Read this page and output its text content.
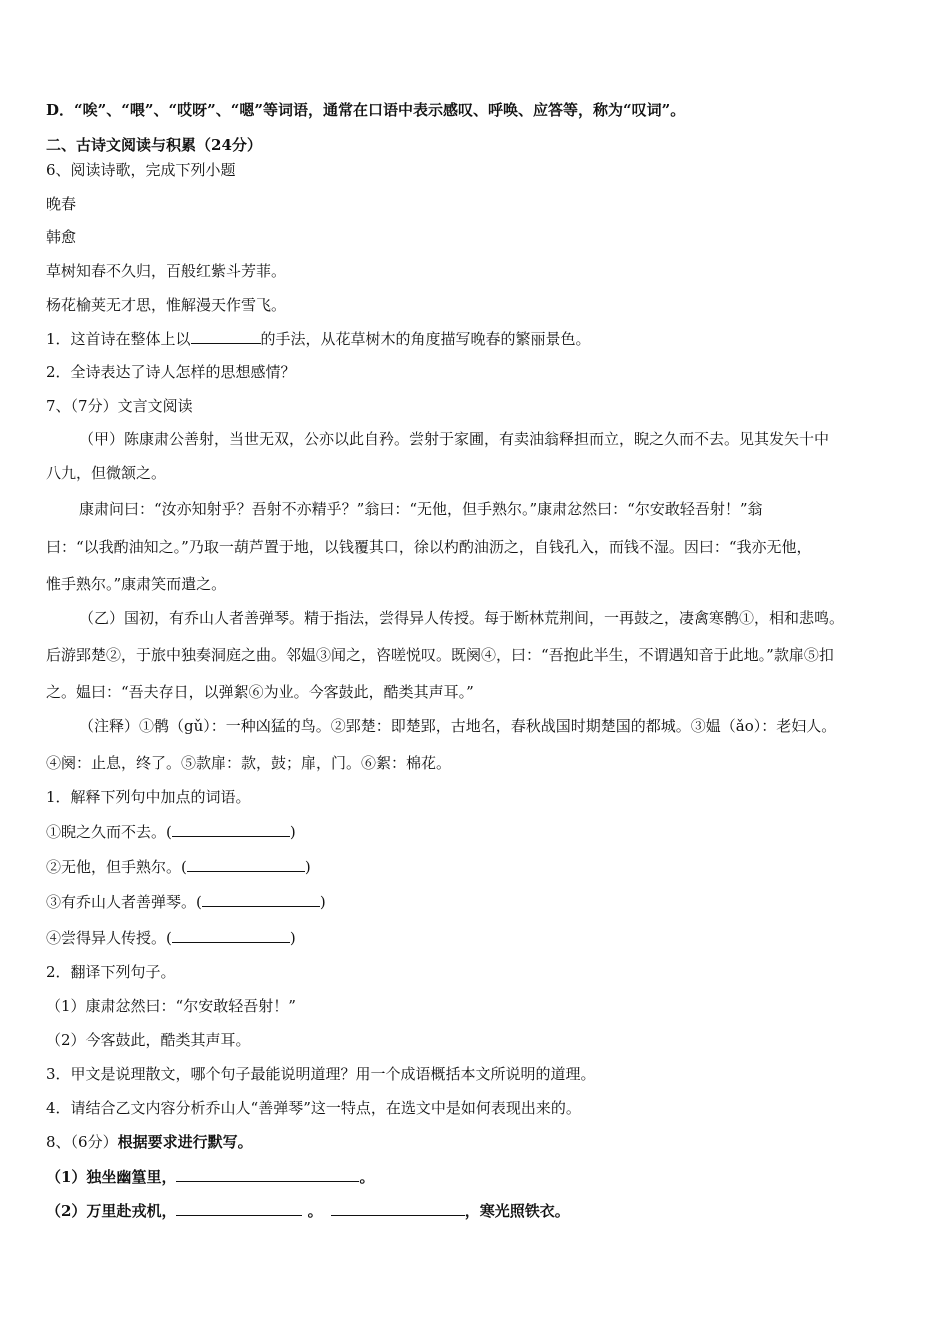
D．“唉”、“喂”、“哎呀”、“嗯”等词语，通常在口语中表示感叹、呼唤、应答等，称为“叹词”。
二、古诗文阅读与积累（24分）
6、阅读诗歌，完成下列小题
晚春
韩愈
草树知春不久归，百般红紫斗芳菲。
杨花榆荚无才思，惟解漫天作雪飞。
1．这首诗在整体上以	的手法，从花草树木的角度描写晚春的繁丽景色。
2．全诗表达了诗人怎样的思想感情？
7、（7分）文言文阅读
（甲）陈康肃公善射，当世无双，公亦以此自矜。尝射于家圃，有卖油翁释担而立，睨之久而不去。见其发矢十中
八九，但微颔之。
康肃问曰：“汝亦知射乎？吾射不亦精乎？”翁曰：“无他，但手熟尔。”康肃忿然曰：“尔安敢轻吾射！”翁
曰：“以我酌油知之。”乃取一葫芦置于地，以钱覆其口，徐以杓酌油沥之，自钱孔入，而钱不湿。因曰：“我亦无他，
惟手熟尔。”康肃笑而遣之。
（乙）国初，有乔山人者善弹琴。精于指法，尝得异人传授。每于断林荒荆间，一再鼓之，凄禽寒鹘①，相和悲鸣。
后游郢楚②，于旅中独奏洞庭之曲。邻媪③闻之，咨嗟悦叹。既阕④，曰：“吾抱此半生，不谓遇知音于此地。”款扉⑤扣
之。媪曰：“吾夫存日，以弹絮⑥为业。今客鼓此，酷类其声耳。”
（注释）①鹘（gǔ）：一种凶猛的鸟。②郢楚：即楚郢，古地名，春秋战国时期楚国的都城。③媪（ǎo）：老妇人。
④阕：止息，终了。⑤款扉：款，鼓；扉，门。⑥絮：棉花。
1．解释下列句中加点的词语。
①睨之久而不去。(	)
②无他，但手熟尔。(	)
③有乔山人者善弹琴。(	)
④尝得异人传授。(	)
2．翻译下列句子。
（1）康肃忿然曰：“尔安敢轻吾射！”
（2）今客鼓此，酷类其声耳。
3．甲文是说理散文，哪个句子最能说明道理？用一个成语概括本文所说明的道理。
4．请结合乙文内容分析乔山人“善弹琴”这一特点，在选文中是如何表现出来的。
8、（6分）根据要求进行默写。
（1）独坐幽篁里，	。
（2）万里赴戎机，	。	，寒光照铁衣。
